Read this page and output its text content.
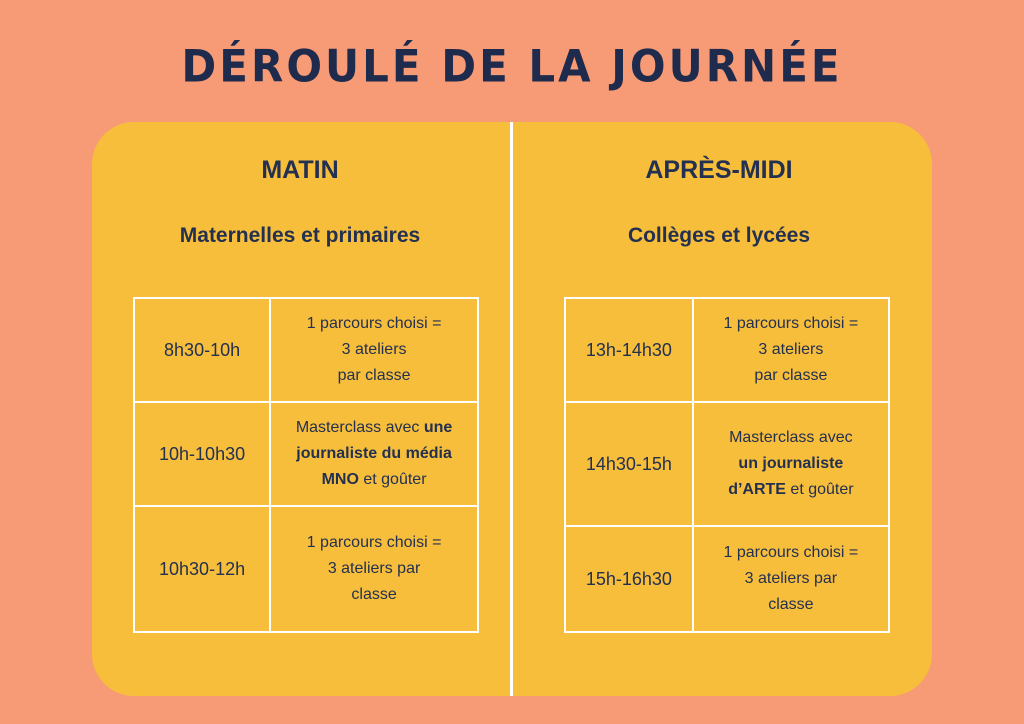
DÉROULÉ DE LA JOURNÉE
MATIN
Maternelles et primaires
8h30-10h	1 parcours choisi =
3 ateliers
par classe

10h-10h30	Masterclass avec une
journaliste du média
MNO et goûter

10h30-12h	1 parcours choisi =
3 ateliers par
classe
APRÈS-MIDI
Collèges et lycées
13h-14h30	1 parcours choisi =
3 ateliers
par classe

14h30-15h	Masterclass avec
un journaliste
d’ARTE et goûter

15h-16h30	1 parcours choisi =
3 ateliers par
classe
